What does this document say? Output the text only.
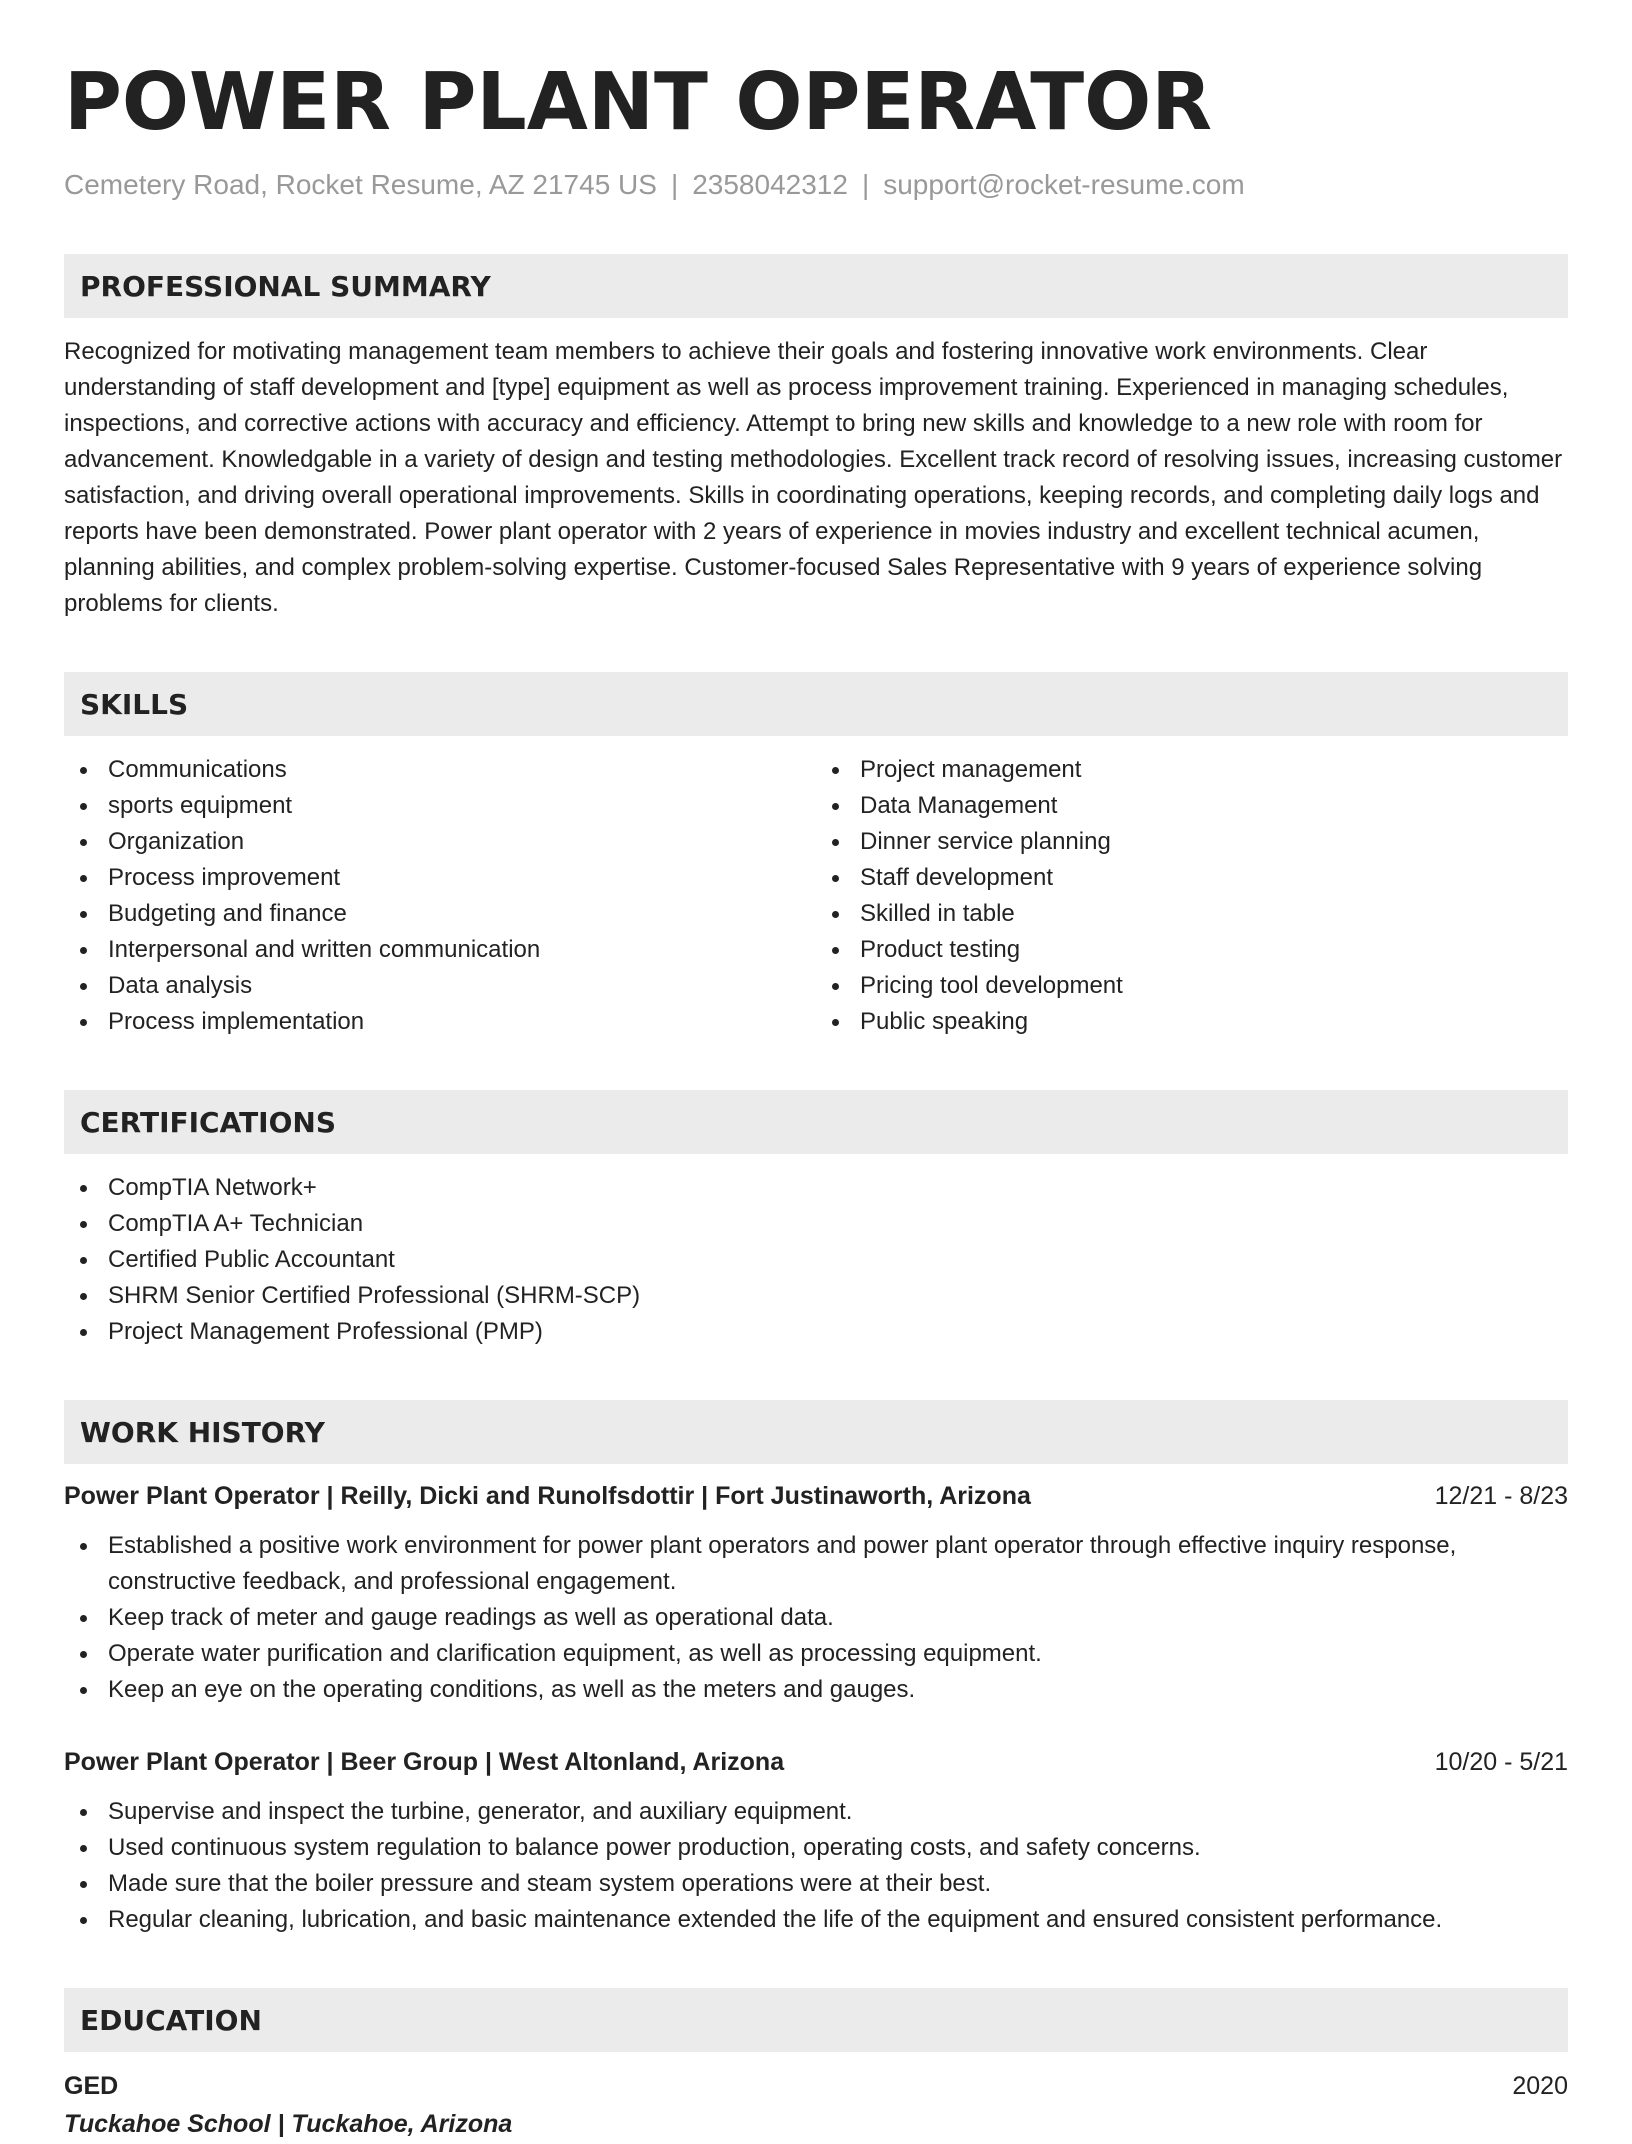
POWER PLANT OPERATOR
Cemetery Road, Rocket Resume, AZ 21745 US | 2358042312 | support@rocket-resume.com
PROFESSIONAL SUMMARY
Recognized for motivating management team members to achieve their goals and fostering innovative work environments. Clear understanding of staff development and [type] equipment as well as process improvement training. Experienced in managing schedules, inspections, and corrective actions with accuracy and efficiency. Attempt to bring new skills and knowledge to a new role with room for advancement. Knowledgable in a variety of design and testing methodologies. Excellent track record of resolving issues, increasing customer satisfaction, and driving overall operational improvements. Skills in coordinating operations, keeping records, and completing daily logs and reports have been demonstrated. Power plant operator with 2 years of experience in movies industry and excellent technical acumen, planning abilities, and complex problem-solving expertise. Customer-focused Sales Representative with 9 years of experience solving problems for clients.
SKILLS
Communications
sports equipment
Organization
Process improvement
Budgeting and finance
Interpersonal and written communication
Data analysis
Process implementation
Project management
Data Management
Dinner service planning
Staff development
Skilled in table
Product testing
Pricing tool development
Public speaking
CERTIFICATIONS
CompTIA Network+
CompTIA A+ Technician
Certified Public Accountant
SHRM Senior Certified Professional (SHRM-SCP)
Project Management Professional (PMP)
WORK HISTORY
Power Plant Operator | Reilly, Dicki and Runolfsdottir | Fort Justinaworth, Arizona	12/21 - 8/23
Established a positive work environment for power plant operators and power plant operator through effective inquiry response, constructive feedback, and professional engagement.
Keep track of meter and gauge readings as well as operational data.
Operate water purification and clarification equipment, as well as processing equipment.
Keep an eye on the operating conditions, as well as the meters and gauges.
Power Plant Operator | Beer Group | West Altonland, Arizona	10/20 - 5/21
Supervise and inspect the turbine, generator, and auxiliary equipment.
Used continuous system regulation to balance power production, operating costs, and safety concerns.
Made sure that the boiler pressure and steam system operations were at their best.
Regular cleaning, lubrication, and basic maintenance extended the life of the equipment and ensured consistent performance.
EDUCATION
GED	2020
Tuckahoe School | Tuckahoe, Arizona
